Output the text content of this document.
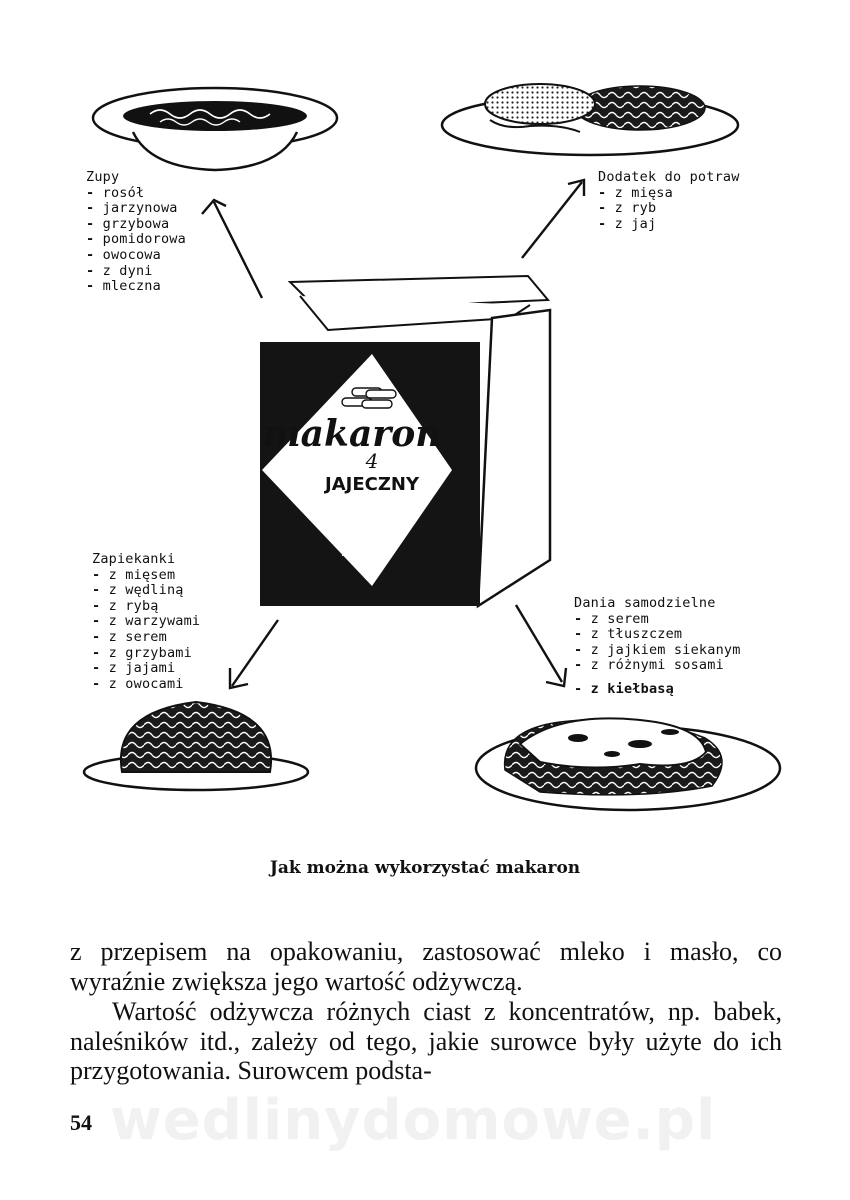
makaron
4
JAJECZNY
RURKI
Zupy
- rosół
- jarzynowa
- grzybowa
- pomidorowa
- owocowa
- z dyni
- mleczna
Dodatek do potraw
- z mięsa
- z ryb
- z jaj
Zapiekanki
- z mięsem
- z wędliną
- z rybą
- z warzywami
- z serem
- z grzybami
- z jajami
- z owocami
Dania samodzielne
- z serem
- z tłuszczem
- z jajkiem siekanym
- z różnymi sosami
- z kiełbasą
Jak można wykorzystać makaron

z przepisem na opakowaniu, zastosować mleko i masło, co wyraźnie zwiększa jego wartość odżywczą.

Wartość odżywcza różnych ciast z koncentratów, np. babek, naleśników itd., zależy od tego, jakie surowce były użyte do ich przygotowania. Surowcem podsta-

wedlinydomowe.pl
54
